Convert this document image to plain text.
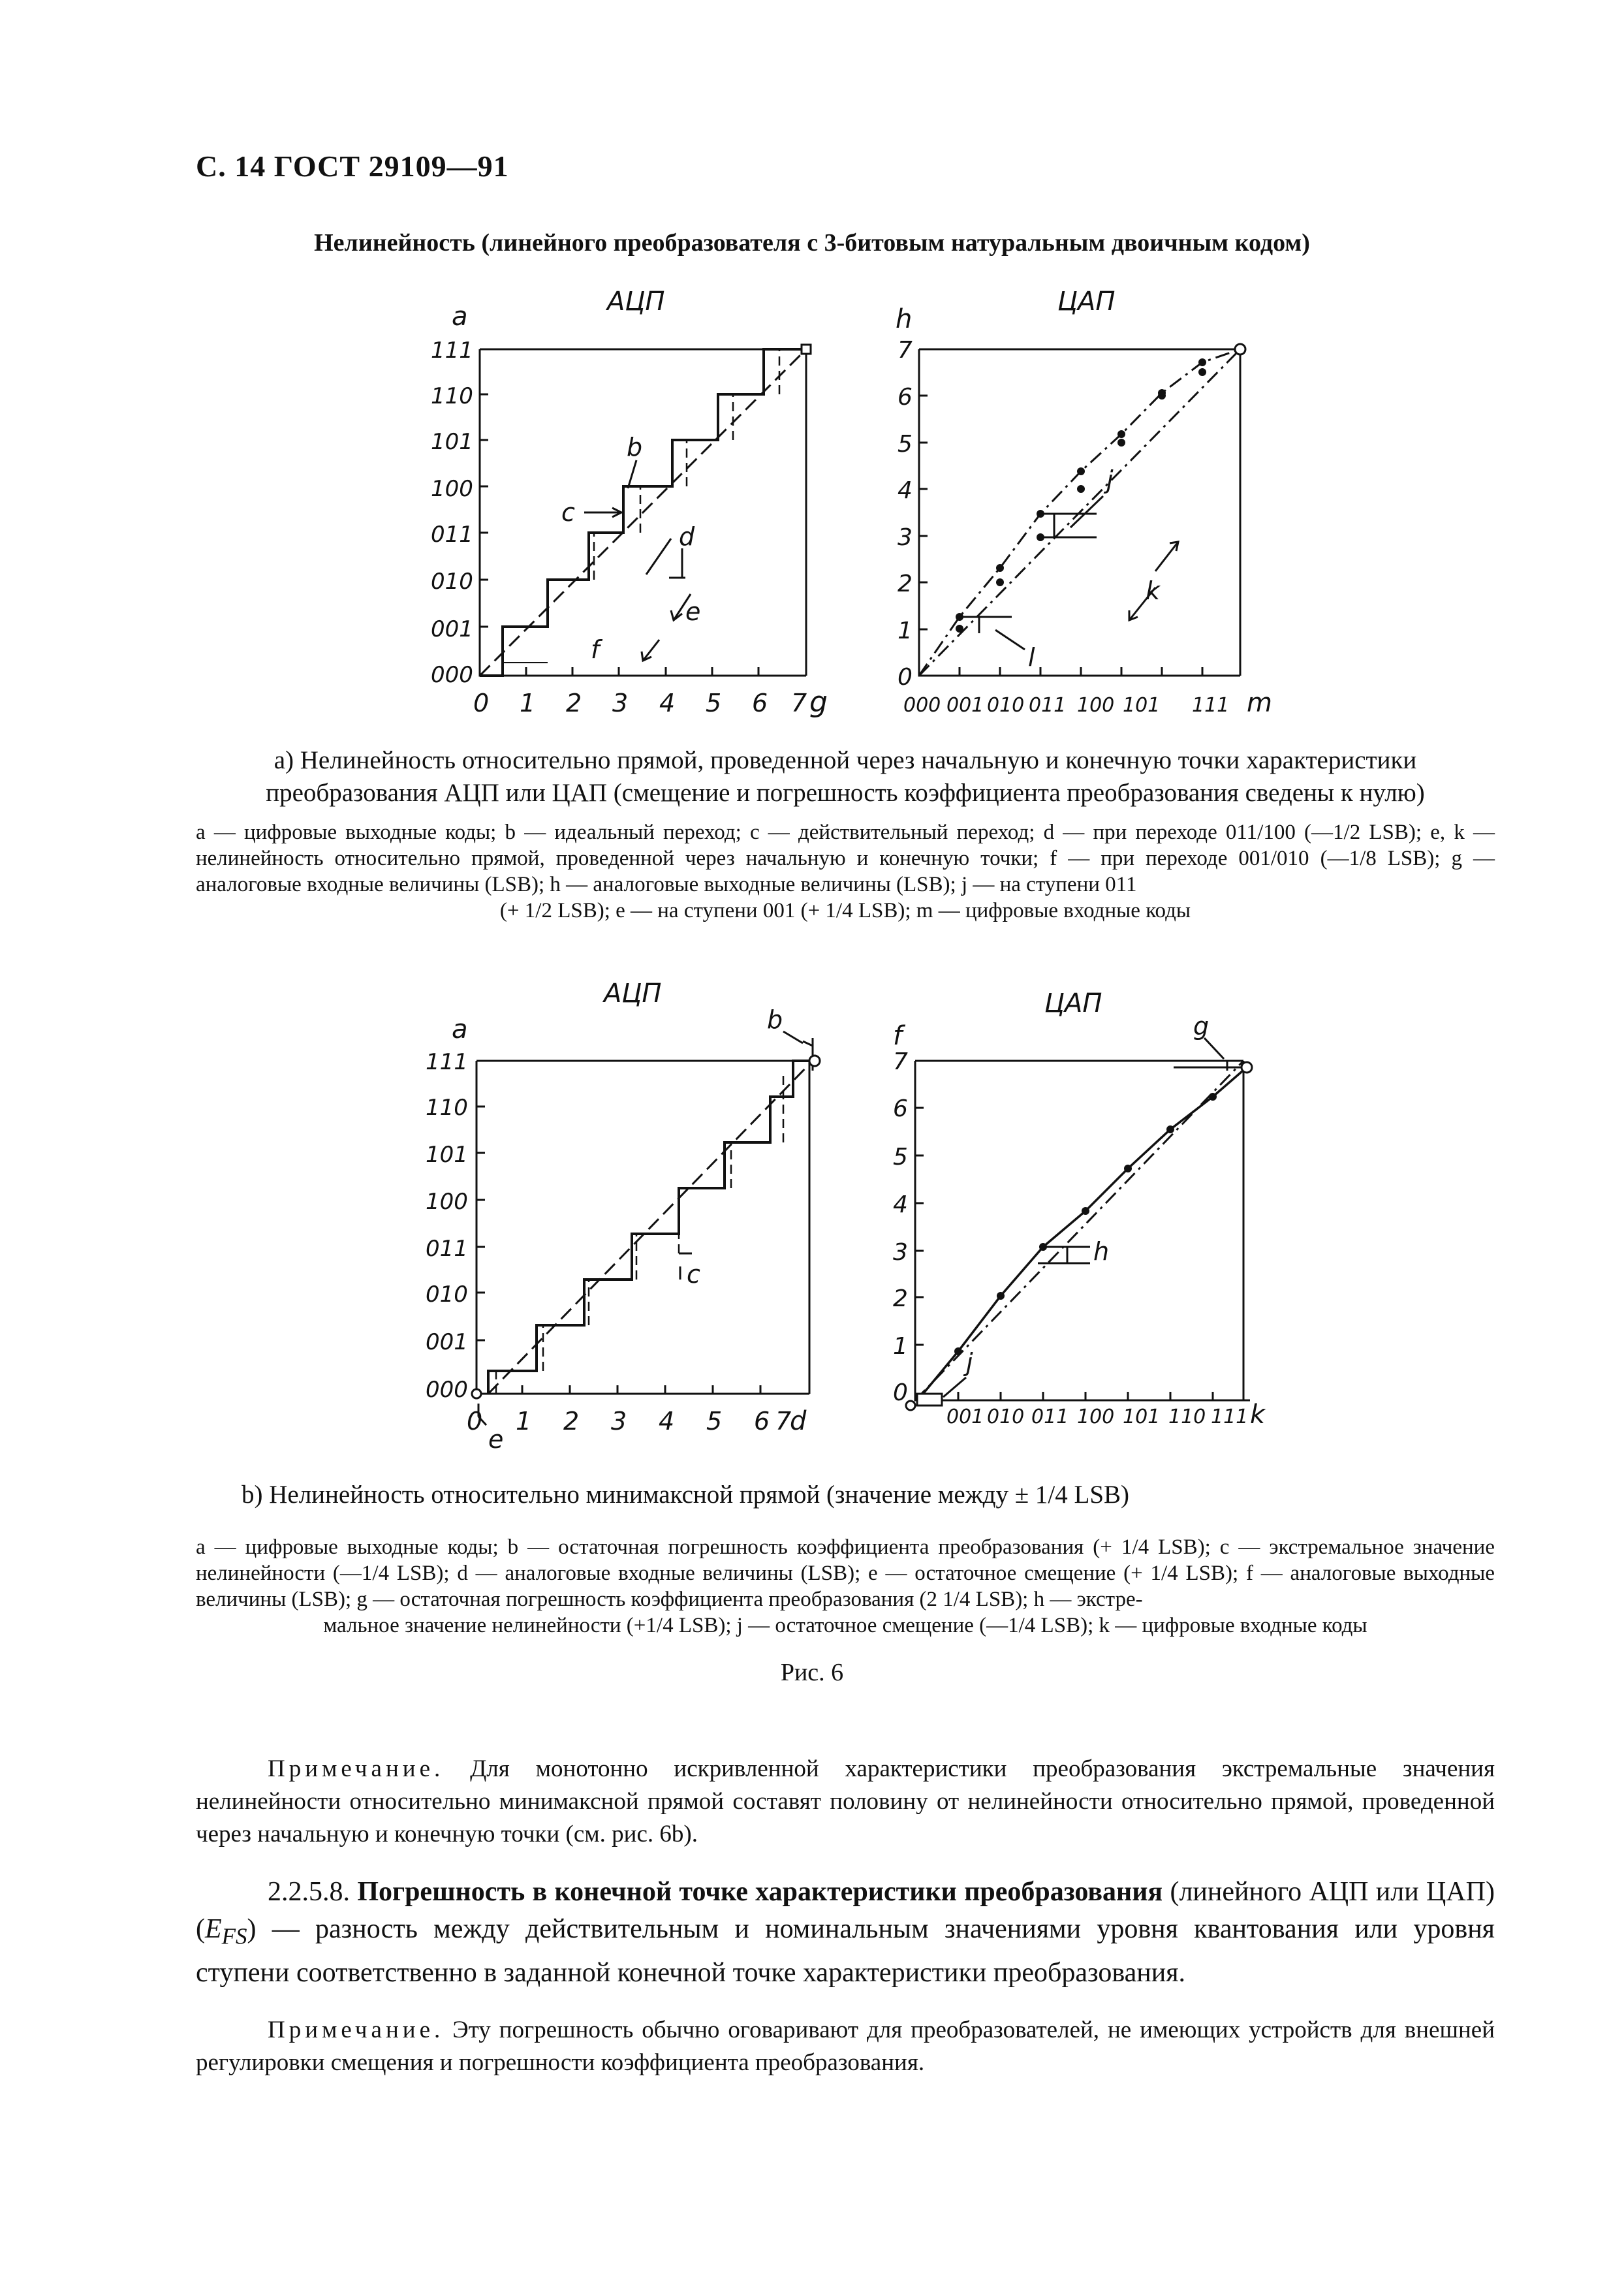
С. 14 ГОСТ 29109—91
Нелинейность (линейного преобразователя с 3-битовым натуральным двоичным кодом)
АЦП
a
g
111
110
101
100
011
010
001
000
0 1 2 3 4 5 6 7
b
c
d
e
f
ЦАП
h
m
7
6
5
4
3
2
1
0
000 001 010 011 100 101 111
j
k
l
а) Нелинейность относительно прямой, проведенной через начальную и конечную точки характеристики преобразования АЦП или ЦАП (смещение и погрешность коэффициента преобразования сведены к нулю)
a — цифровые выходные коды; b — идеальный переход; c — действительный переход; d — при переходе 011/100 (—1/2 LSB); e, k — нелинейность относительно прямой, проведенной через начальную и конечную точки; f — при переходе 001/010 (—1/8 LSB); g — аналоговые входные величины (LSB); h — аналоговые выходные величины (LSB); j — на ступени 011
(+ 1/2 LSB); e — на ступени 001 (+ 1/4 LSB); m — цифровые входные коды
АЦП
a
d
111
110
101
100
011
010
001
000
0 1 2 3 4 5 6 7
b
c
e
ЦАП
f
k
7
6
5
4
3
2
1
0
001 010 011 100 101 110 111
g
h
j
b) Нелинейность относительно минимаксной прямой (значение между ± 1/4 LSB)
a — цифровые выходные коды; b — остаточная погрешность коэффициента преобразования (+ 1/4 LSB); c — экстремальное значение нелинейности (—1/4 LSB); d — аналоговые входные величины (LSB); e — остаточное смещение (+ 1/4 LSB); f — аналоговые выходные величины (LSB); g — остаточная погрешность коэффициента преобразования (2 1/4 LSB); h — экстре-
мальное значение нелинейности (+1/4 LSB); j — остаточное смещение (—1/4 LSB); k — цифровые входные коды
Рис. 6
Примечание. Для монотонно искривленной характеристики преобразования экстремальные значения нелинейности относительно минимаксной прямой составят половину от нелинейности относительно прямой, проведенной через начальную и конечную точки (см. рис. 6b).
2.2.5.8. Погрешность в конечной точке характеристики преобразования (линейного АЦП или ЦАП) $(E_{FS})$ — разность между действительным и номинальным значениями уровня квантования или уровня ступени соответственно в заданной конечной точке характеристики преобразования.
Примечание. Эту погрешность обычно оговаривают для преобразователей, не имеющих устройств для внешней регулировки смещения и погрешности коэффициента преобразования.
